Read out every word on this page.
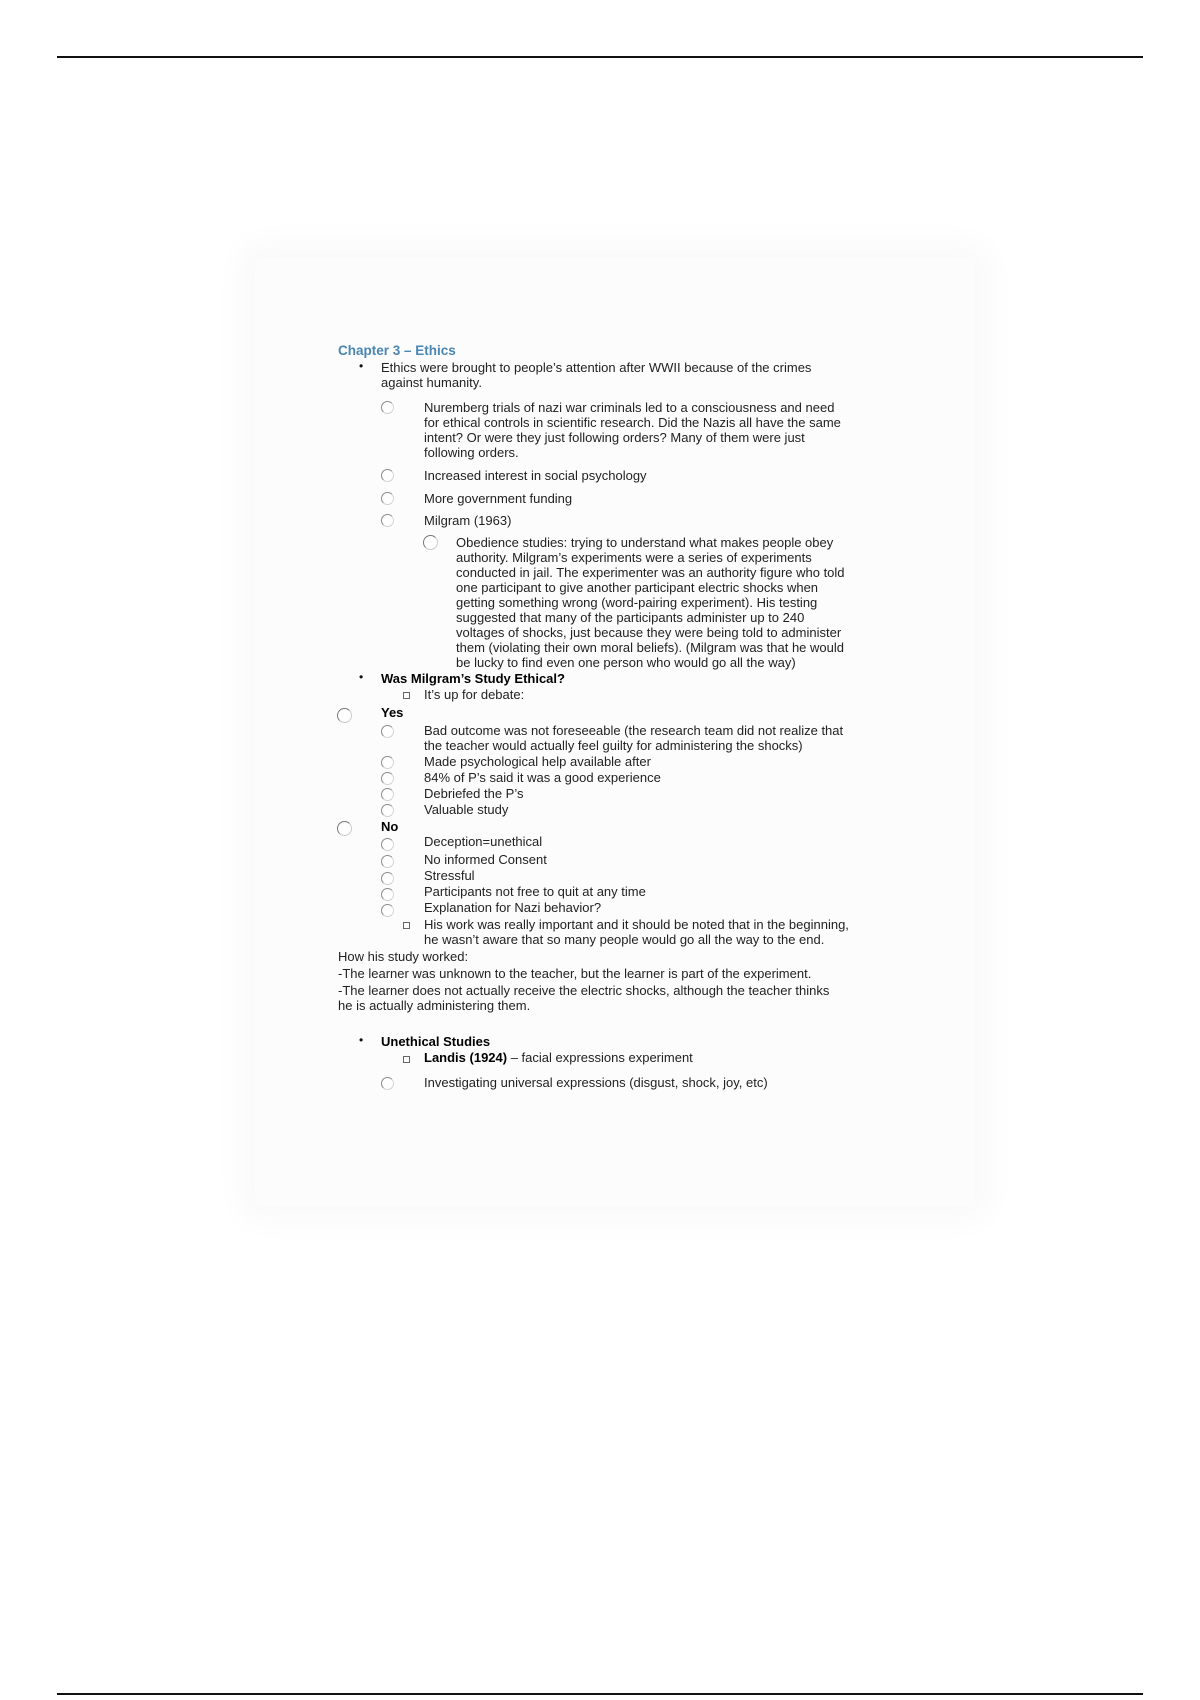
Chapter 3 – Ethics
• Ethics were brought to people’s attention after WWII because of the crimes
against humanity.
Nuremberg trials of nazi war criminals led to a consciousness and need
for ethical controls in scientific research. Did the Nazis all have the same
intent? Or were they just following orders? Many of them were just
following orders.
Increased interest in social psychology
More government funding
Milgram (1963)
Obedience studies: trying to understand what makes people obey
authority. Milgram’s experiments were a series of experiments
conducted in jail. The experimenter was an authority figure who told
one participant to give another participant electric shocks when
getting something wrong (word-pairing experiment). His testing
suggested that many of the participants administer up to 240
voltages of shocks, just because they were being told to administer
them (violating their own moral beliefs). (Milgram was that he would
be lucky to find even one person who would go all the way)
• Was Milgram’s Study Ethical?
It’s up for debate:
Yes
Bad outcome was not foreseeable (the research team did not realize that
the teacher would actually feel guilty for administering the shocks)
Made psychological help available after
84% of P’s said it was a good experience
Debriefed the P’s
Valuable study
No
Deception=unethical
No informed Consent
Stressful
Participants not free to quit at any time
Explanation for Nazi behavior?
His work was really important and it should be noted that in the beginning,
he wasn’t aware that so many people would go all the way to the end.
How his study worked:
-The learner was unknown to the teacher, but the learner is part of the experiment.
-The learner does not actually receive the electric shocks, although the teacher thinks
he is actually administering them.
• Unethical Studies
Landis (1924) – facial expressions experiment
Investigating universal expressions (disgust, shock, joy, etc)
